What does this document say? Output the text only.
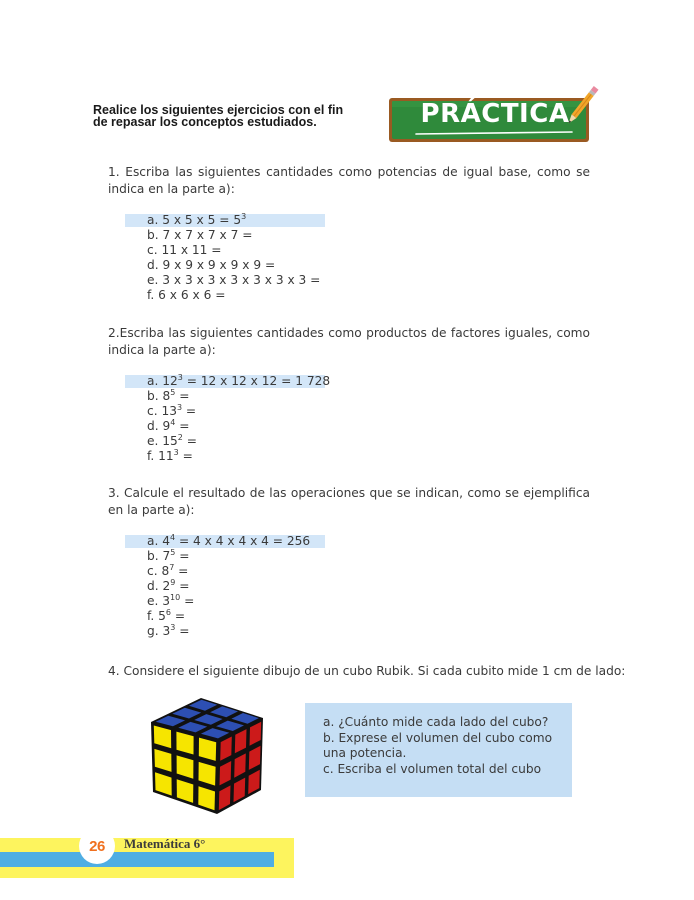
Realice los siguientes ejercicios con el fin
de repasar los conceptos estudiados.	PRÁCTICA
1. Escriba las siguientes cantidades como potencias de igual base, como se indica en la parte a):
a. 5 x 5 x $5 = 5^3$
b. 7 x 7 x 7 x 7 =
c. 11 x 11 =
d. 9 x 9 x 9 x 9 x 9 =
e. 3 x 3 x 3 x 3 x 3 x 3 x 3 =
f. 6 x 6 x 6 =
2.Escriba las siguientes cantidades como productos de factores iguales, como indica la parte a):
a. $12^3 = 12$ x 12 x 12 = 1 728
b. $8^5$ =
c. $13^3$ =
d. $9^4$ =
e. $15^2$ =
f. $11^3$ =
3. Calcule el resultado de las operaciones que se indican, como se ejemplifica en la parte a):
a. $4^4 = 4$ x 4 x 4 x 4 = 256
b. $7^5$ =
c. $8^7$ =
d. $2^9$ =
e. $3^{10}$ =
f. $5^6$ =
g. $3^3$ =
4. Considere el siguiente dibujo de un cubo Rubik. Si cada cubito mide 1 cm de lado:
a. ¿Cuánto mide cada lado del cubo?
b. Exprese el volumen del cubo como
una potencia.
c. Escriba el volumen total del cubo
26	Matemática 6°
